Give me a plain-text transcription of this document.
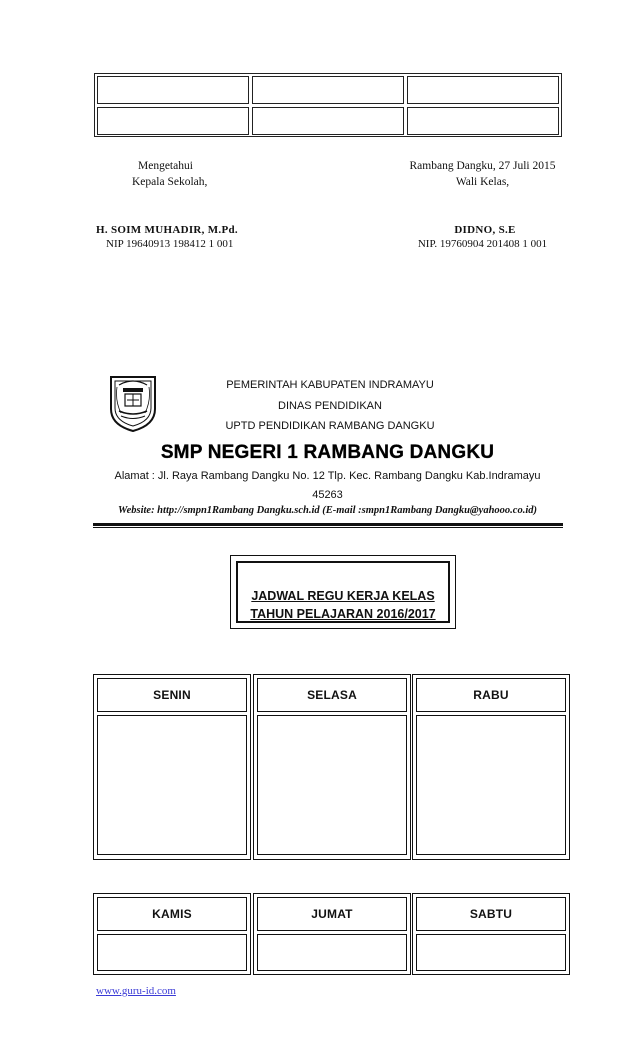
Mengetahui
Kepala Sekolah,
Rambang Dangku, 27 Juli 2015
Wali Kelas,
H. SOIM MUHADIR, M.Pd.
NIP 19640913 198412 1 001
DIDNO, S.E
NIP. 19760904 201408 1 001
PEMERINTAH KABUPATEN INDRAMAYU
DINAS PENDIDIKAN
UPTD PENDIDIKAN RAMBANG DANGKU
SMP NEGERI 1 RAMBANG DANGKU
Alamat : Jl. Raya Rambang Dangku No. 12 Tlp. Kec. Rambang Dangku Kab.Indramayu
45263
Website: http://smpn1Rambang Dangku.sch.id (E-mail :smpn1Rambang Dangku@yahooo.co.id)
JADWAL REGU KERJA KELAS
TAHUN PELAJARAN 2016/2017
SENIN	SELASA	RABU
KAMIS	JUMAT	SABTU
www.guru-id.com
